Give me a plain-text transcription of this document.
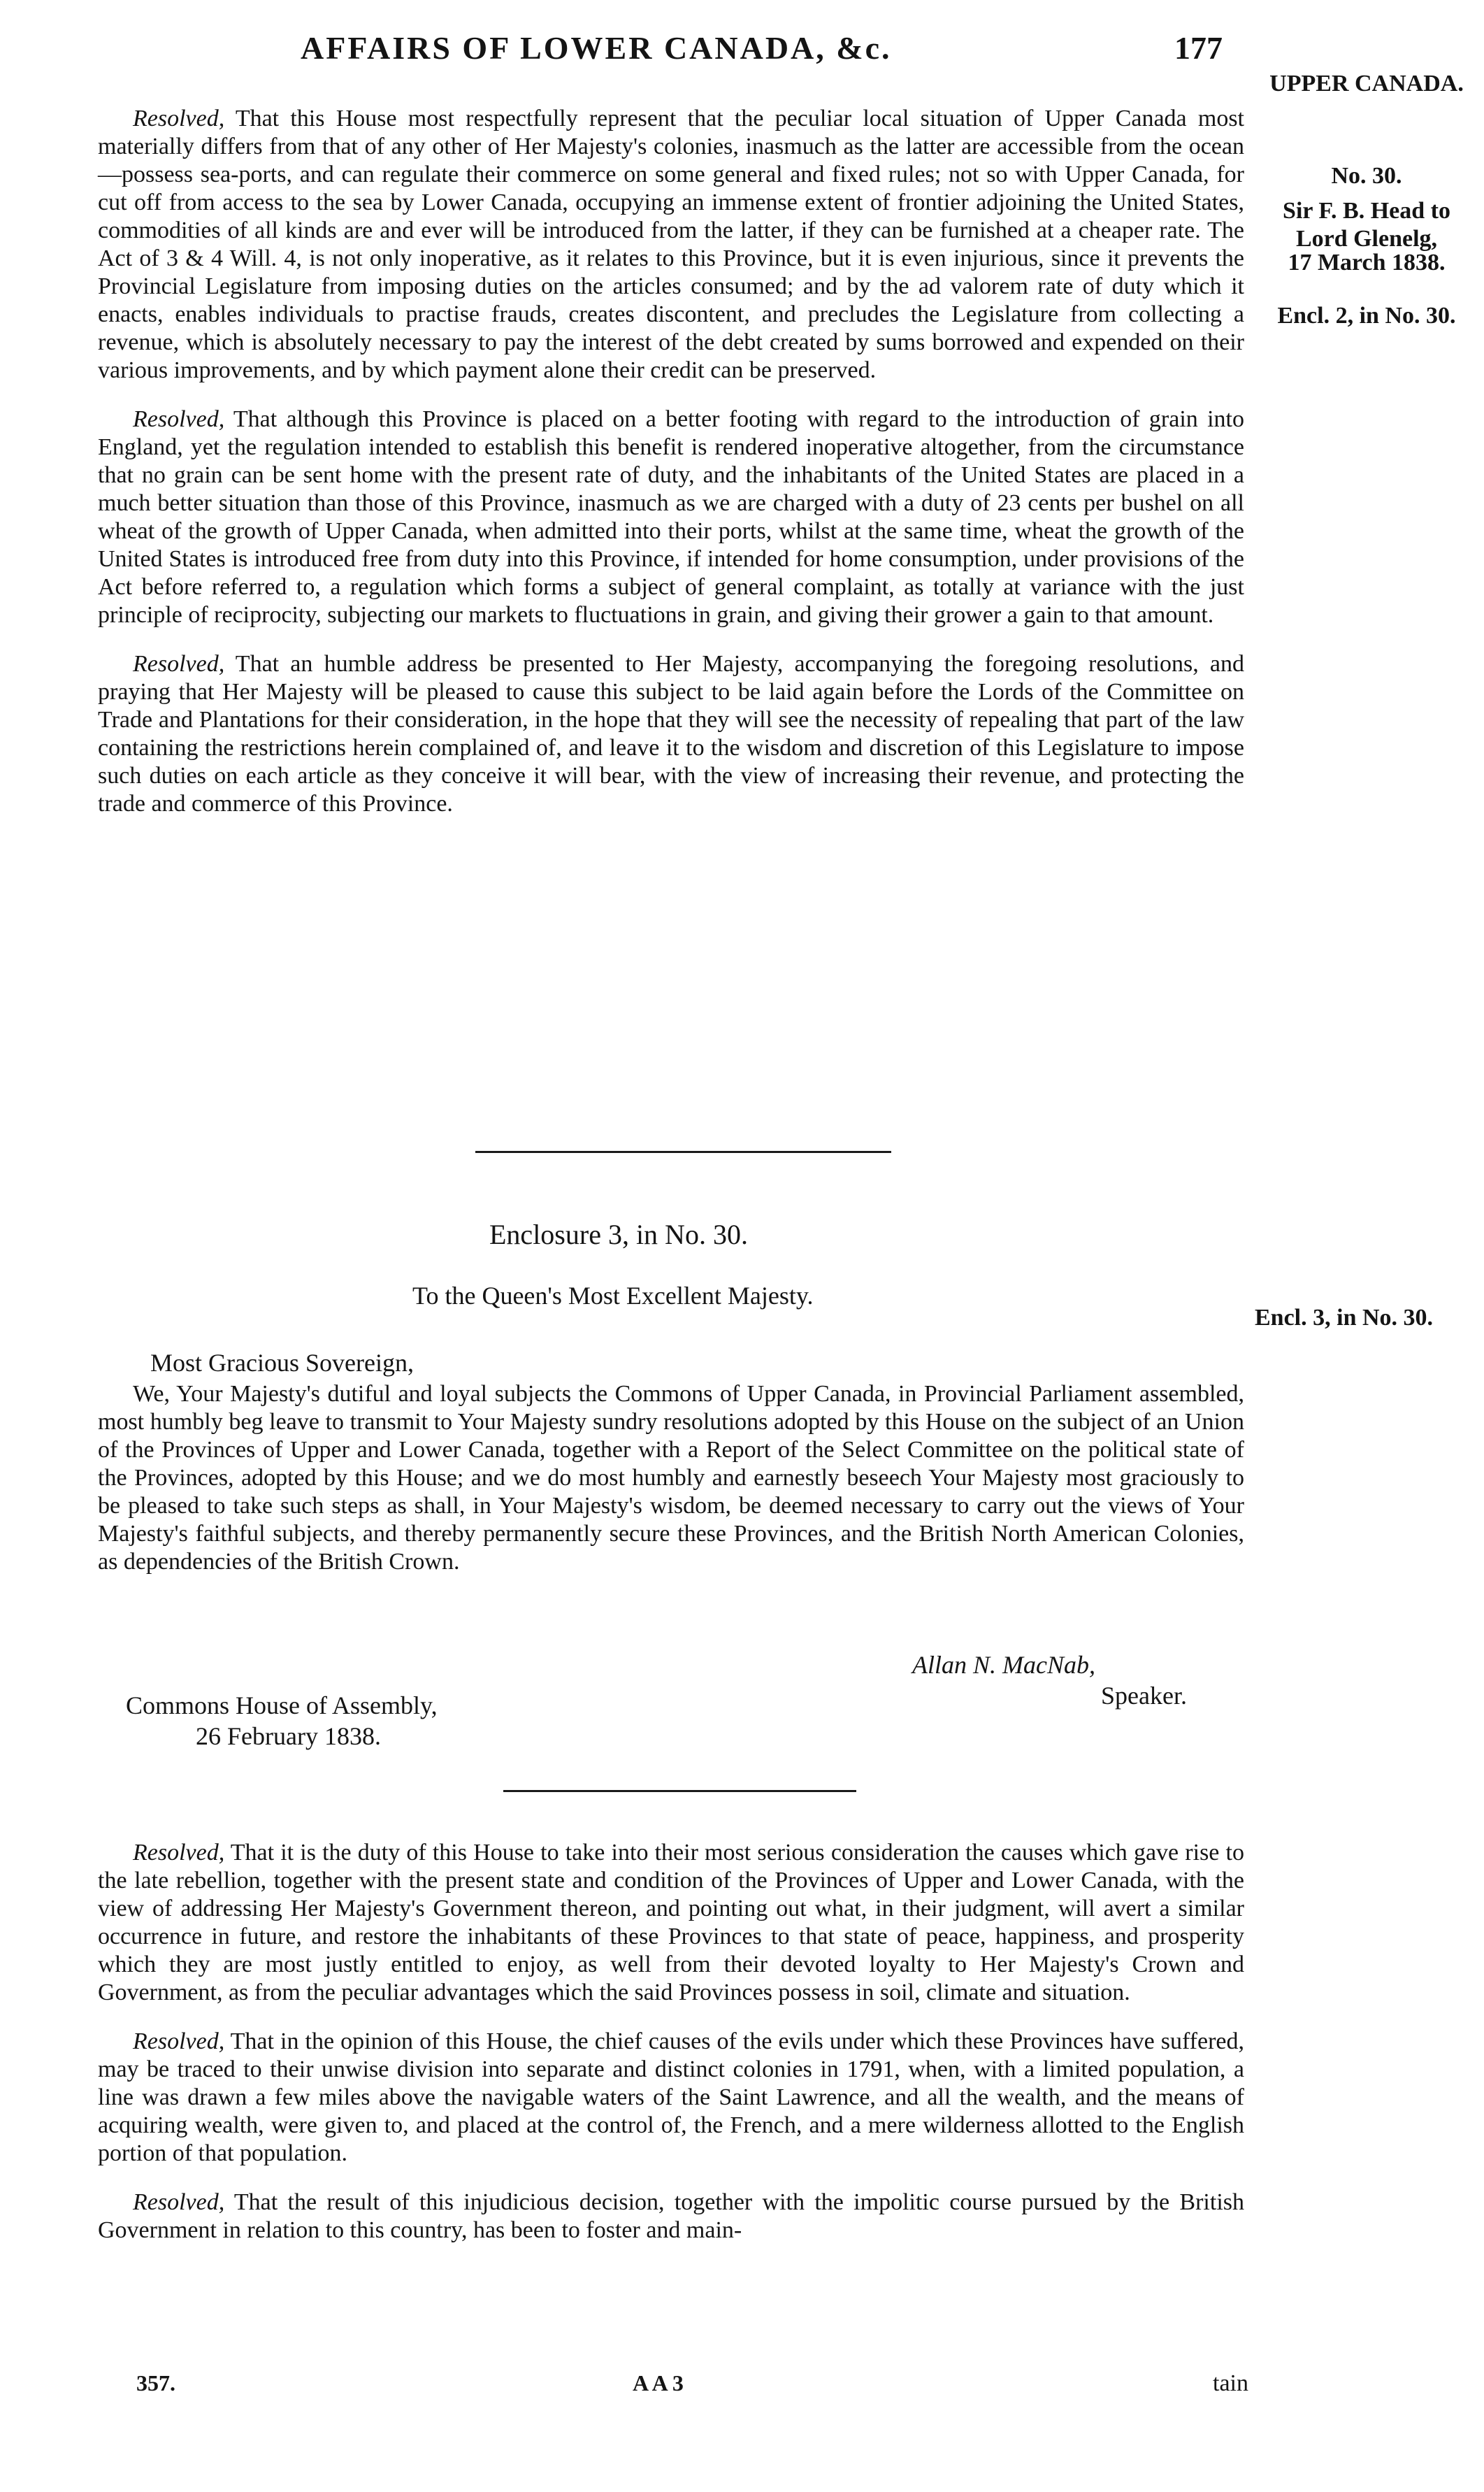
AFFAIRS OF LOWER CANADA, &c.	177
UPPER CANADA.
No. 30.
Sir F. B. Head to Lord Glenelg,
17 March 1838.
Encl. 2, in No. 30.

Resolved, That this House most respectfully represent that the peculiar local situation of Upper Canada most materially differs from that of any other of Her Majesty's colonies, inasmuch as the latter are accessible from the ocean—possess sea-ports, and can regulate their commerce on some general and fixed rules; not so with Upper Canada, for cut off from access to the sea by Lower Canada, occupying an immense extent of frontier adjoining the United States, commodities of all kinds are and ever will be introduced from the latter, if they can be furnished at a cheaper rate. The Act of 3 & 4 Will. 4, is not only inoperative, as it relates to this Province, but it is even injurious, since it prevents the Provincial Legislature from imposing duties on the articles consumed; and by the ad valorem rate of duty which it enacts, enables individuals to practise frauds, creates discontent, and precludes the Legislature from collecting a revenue, which is absolutely necessary to pay the interest of the debt created by sums borrowed and expended on their various improvements, and by which payment alone their credit can be preserved.

Resolved, That although this Province is placed on a better footing with regard to the introduction of grain into England, yet the regulation intended to establish this benefit is rendered inoperative altogether, from the circumstance that no grain can be sent home with the present rate of duty, and the inhabitants of the United States are placed in a much better situation than those of this Province, inasmuch as we are charged with a duty of 23 cents per bushel on all wheat of the growth of Upper Canada, when admitted into their ports, whilst at the same time, wheat the growth of the United States is introduced free from duty into this Province, if intended for home consumption, under provisions of the Act before referred to, a regulation which forms a subject of general complaint, as totally at variance with the just principle of reciprocity, subjecting our markets to fluctuations in grain, and giving their grower a gain to that amount.

Resolved, That an humble address be presented to Her Majesty, accompanying the foregoing resolutions, and praying that Her Majesty will be pleased to cause this subject to be laid again before the Lords of the Committee on Trade and Plantations for their consideration, in the hope that they will see the necessity of repealing that part of the law containing the restrictions herein complained of, and leave it to the wisdom and discretion of this Legislature to impose such duties on each article as they conceive it will bear, with the view of increasing their revenue, and protecting the trade and commerce of this Province.

Enclosure 3, in No. 30.
To the Queen's Most Excellent Majesty.
Encl. 3, in No. 30.
Most Gracious Sovereign,

We, Your Majesty's dutiful and loyal subjects the Commons of Upper Canada, in Provincial Parliament assembled, most humbly beg leave to transmit to Your Majesty sundry resolutions adopted by this House on the subject of an Union of the Provinces of Upper and Lower Canada, together with a Report of the Select Committee on the political state of the Provinces, adopted by this House; and we do most humbly and earnestly beseech Your Majesty most graciously to be pleased to take such steps as shall, in Your Majesty's wisdom, be deemed necessary to carry out the views of Your Majesty's faithful subjects, and thereby permanently secure these Provinces, and the British North American Colonies, as dependencies of the British Crown.

Allan N. MacNab,
Speaker.
Commons House of Assembly,
26 February 1838.

Resolved, That it is the duty of this House to take into their most serious consideration the causes which gave rise to the late rebellion, together with the present state and condition of the Provinces of Upper and Lower Canada, with the view of addressing Her Majesty's Government thereon, and pointing out what, in their judgment, will avert a similar occurrence in future, and restore the inhabitants of these Provinces to that state of peace, happiness, and prosperity which they are most justly entitled to enjoy, as well from their devoted loyalty to Her Majesty's Crown and Government, as from the peculiar advantages which the said Provinces possess in soil, climate and situation.

Resolved, That in the opinion of this House, the chief causes of the evils under which these Provinces have suffered, may be traced to their unwise division into separate and distinct colonies in 1791, when, with a limited population, a line was drawn a few miles above the navigable waters of the Saint Lawrence, and all the wealth, and the means of acquiring wealth, were given to, and placed at the control of, the French, and a mere wilderness allotted to the English portion of that population.

Resolved, That the result of this injudicious decision, together with the impolitic course pursued by the British Government in relation to this country, has been to foster and main-

357.	A A 3	tain
